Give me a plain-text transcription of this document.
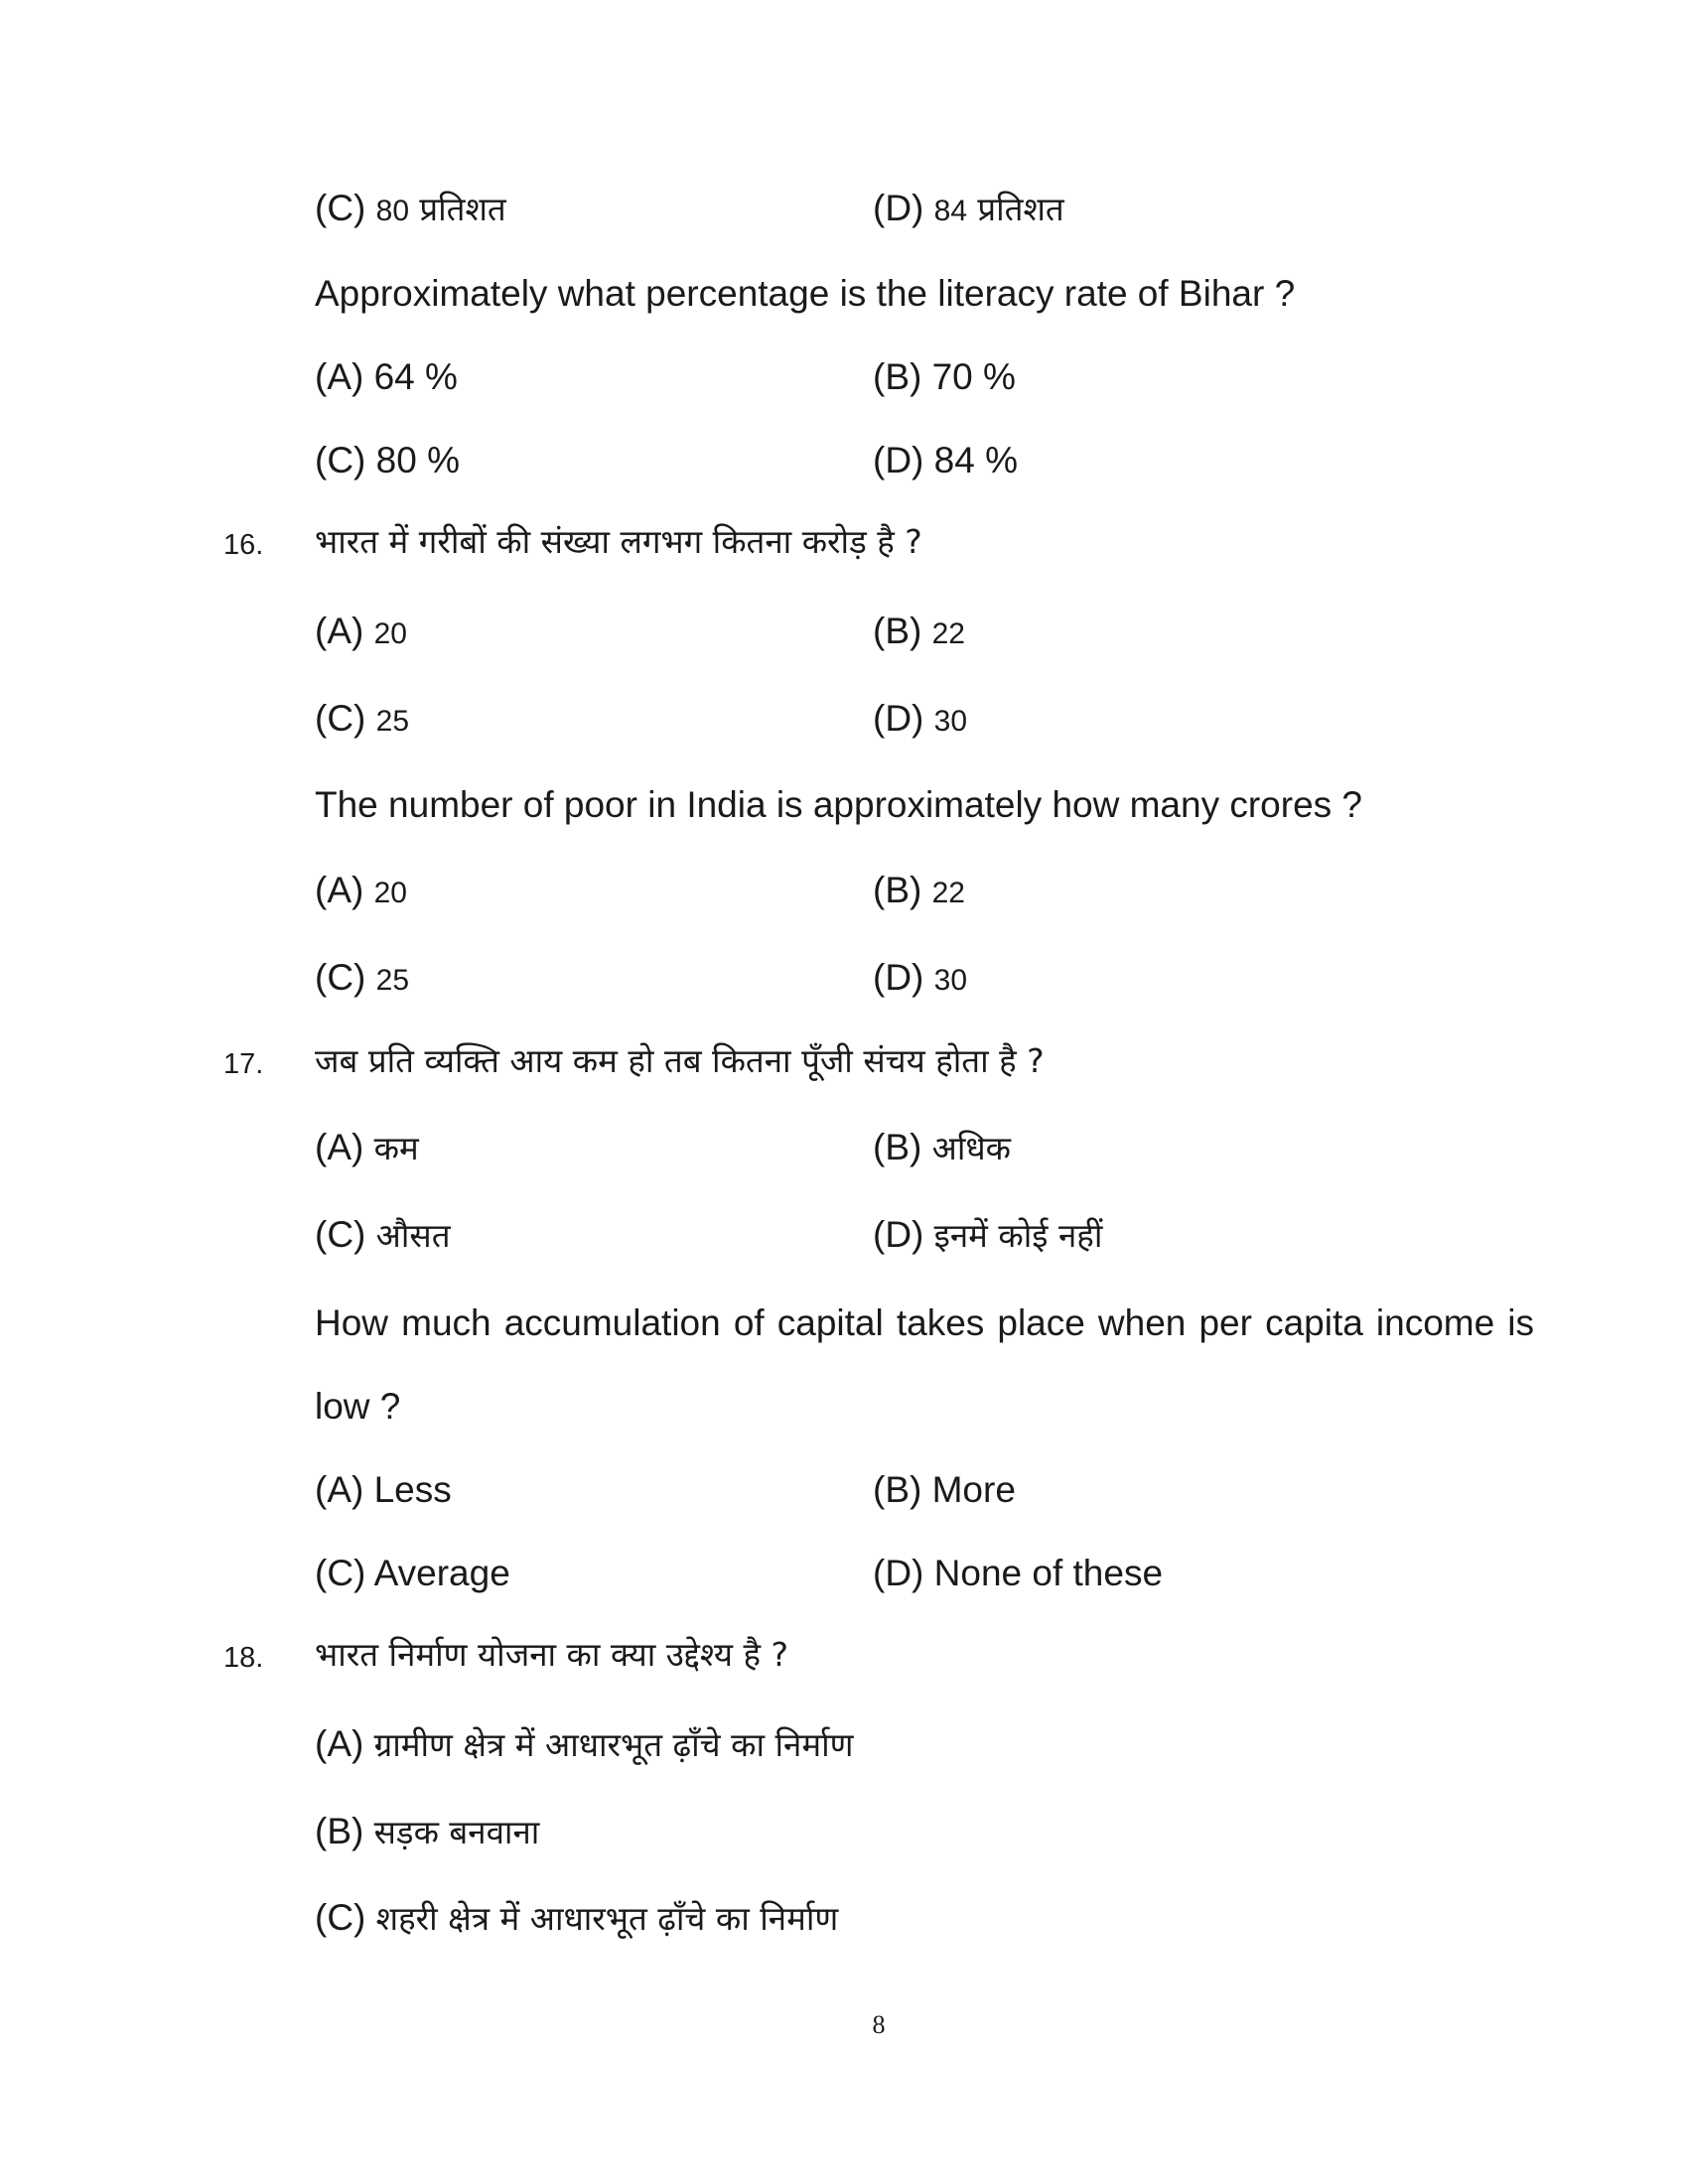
(C) 80 प्रतिशत	(D) 84 प्रतिशत
Approximately what percentage is the literacy rate of Bihar ?
(A) 64 %	(B) 70 %
(C) 80 %	(D) 84 %
16. भारत में गरीबों की संख्या लगभग कितना करोड़ है ?
(A) 20	(B) 22
(C) 25	(D) 30
The number of poor in India is approximately how many crores ?
(A) 20	(B) 22
(C) 25	(D) 30
17. जब प्रति व्यक्ति आय कम हो तब कितना पूँजी संचय होता है ?
(A) कम	(B) अधिक
(C) औसत	(D) इनमें कोई नहीं
How much accumulation of capital takes place when per capita income is
low ?
(A) Less	(B) More
(C) Average	(D) None of these
18. भारत निर्माण योजना का क्या उद्देश्य है ?
(A) ग्रामीण क्षेत्र में आधारभूत ढ़ाँचे का निर्माण
(B) सड़क बनवाना
(C) शहरी क्षेत्र में आधारभूत ढ़ाँचे का निर्माण
8
